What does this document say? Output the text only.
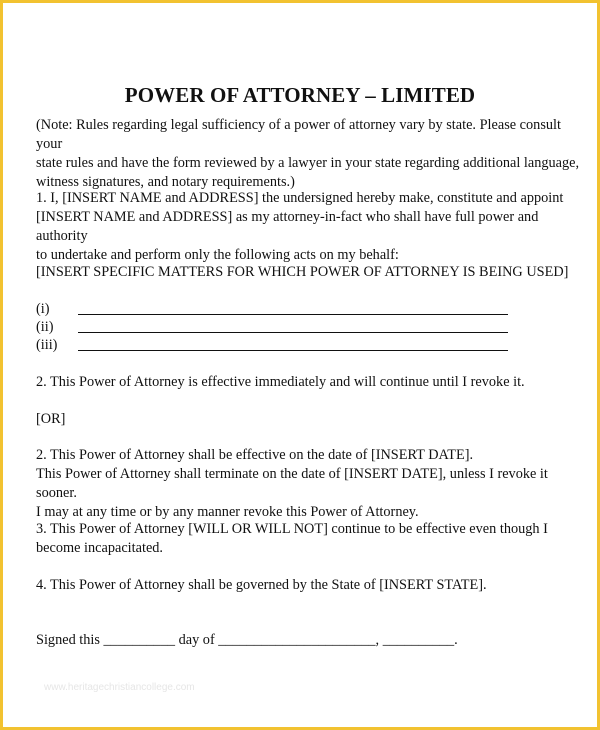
POWER OF ATTORNEY – LIMITED
(Note: Rules regarding legal sufficiency of a power of attorney vary by state. Please consult your
state rules and have the form reviewed by a lawyer in your state regarding additional language,
witness signatures, and notary requirements.)
1. I, [INSERT NAME and ADDRESS] the undersigned hereby make, constitute and appoint
[INSERT NAME and ADDRESS] as my attorney-in-fact who shall have full power and authority
to undertake and perform only the following acts on my behalf:
[INSERT SPECIFIC MATTERS FOR WHICH POWER OF ATTORNEY IS BEING USED]
(i)
(ii)
(iii)
2. This Power of Attorney is effective immediately and will continue until I revoke it.
[OR]
2. This Power of Attorney shall be effective on the date of [INSERT DATE].
This Power of Attorney shall terminate on the date of [INSERT DATE], unless I revoke it sooner.
I may at any time or by any manner revoke this Power of Attorney.
3. This Power of Attorney [WILL OR WILL NOT] continue to be effective even though I
become incapacitated.
4. This Power of Attorney shall be governed by the State of [INSERT STATE].
Signed this __________ day of ______________________, __________.
www.heritagechristiancollege.com
